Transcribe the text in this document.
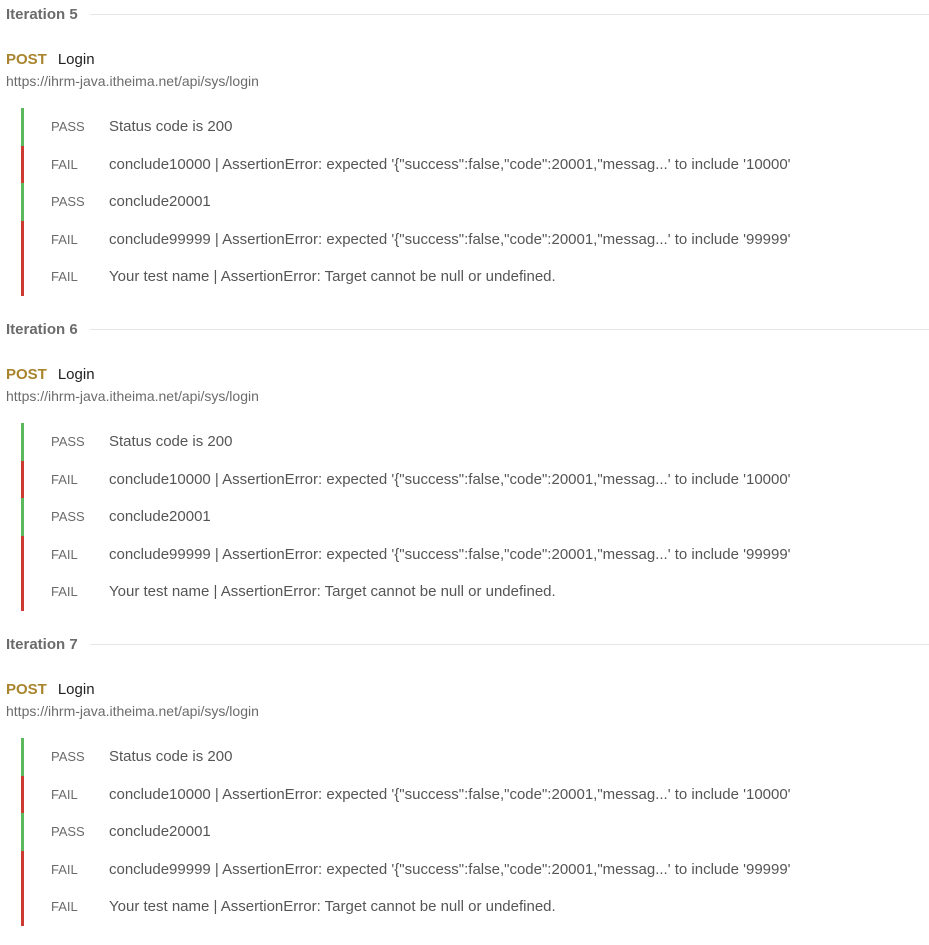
Iteration 5
POST Login
https://ihrm-java.itheima.net/api/sys/login
PASS	Status code is 200
FAIL	conclude10000 | AssertionError: expected '{"success":false,"code":20001,"messag...' to include '10000'
PASS	conclude20001
FAIL	conclude99999 | AssertionError: expected '{"success":false,"code":20001,"messag...' to include '99999'
FAIL	Your test name | AssertionError: Target cannot be null or undefined.
Iteration 6
POST Login
https://ihrm-java.itheima.net/api/sys/login
PASS	Status code is 200
FAIL	conclude10000 | AssertionError: expected '{"success":false,"code":20001,"messag...' to include '10000'
PASS	conclude20001
FAIL	conclude99999 | AssertionError: expected '{"success":false,"code":20001,"messag...' to include '99999'
FAIL	Your test name | AssertionError: Target cannot be null or undefined.
Iteration 7
POST Login
https://ihrm-java.itheima.net/api/sys/login
PASS	Status code is 200
FAIL	conclude10000 | AssertionError: expected '{"success":false,"code":20001,"messag...' to include '10000'
PASS	conclude20001
FAIL	conclude99999 | AssertionError: expected '{"success":false,"code":20001,"messag...' to include '99999'
FAIL	Your test name | AssertionError: Target cannot be null or undefined.
